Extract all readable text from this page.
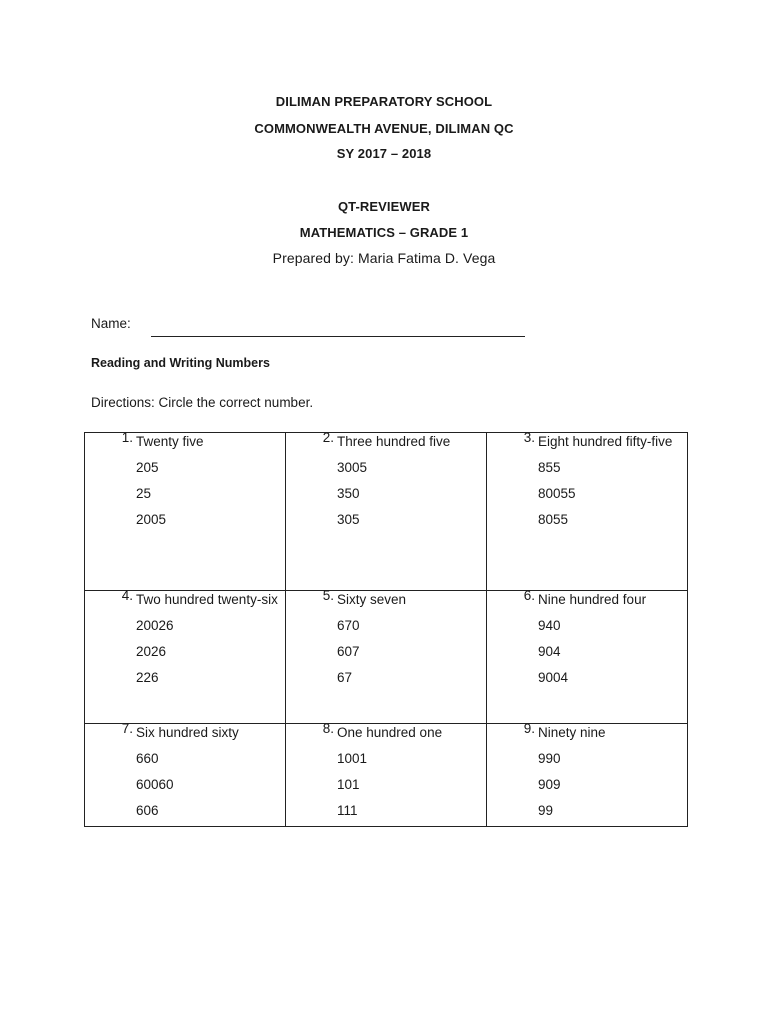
DILIMAN PREPARATORY SCHOOL
COMMONWEALTH AVENUE, DILIMAN QC
SY 2017 – 2018
QT-REVIEWER
MATHEMATICS – GRADE 1
Prepared by: Maria Fatima D. Vega
Name:
Reading and Writing Numbers
Directions: Circle the correct number.
1. Twenty five
205
25
2005	2. Three hundred five
3005
350
305	3. Eight hundred fifty-five
855
80055
8055

4. Two hundred twenty-six
20026
2026
226	5. Sixty seven
670
607
67	6. Nine hundred four
940
904
9004

7. Six hundred sixty
660
60060
606	8. One hundred one
1001
101
111	9. Ninety nine
990
909
99
